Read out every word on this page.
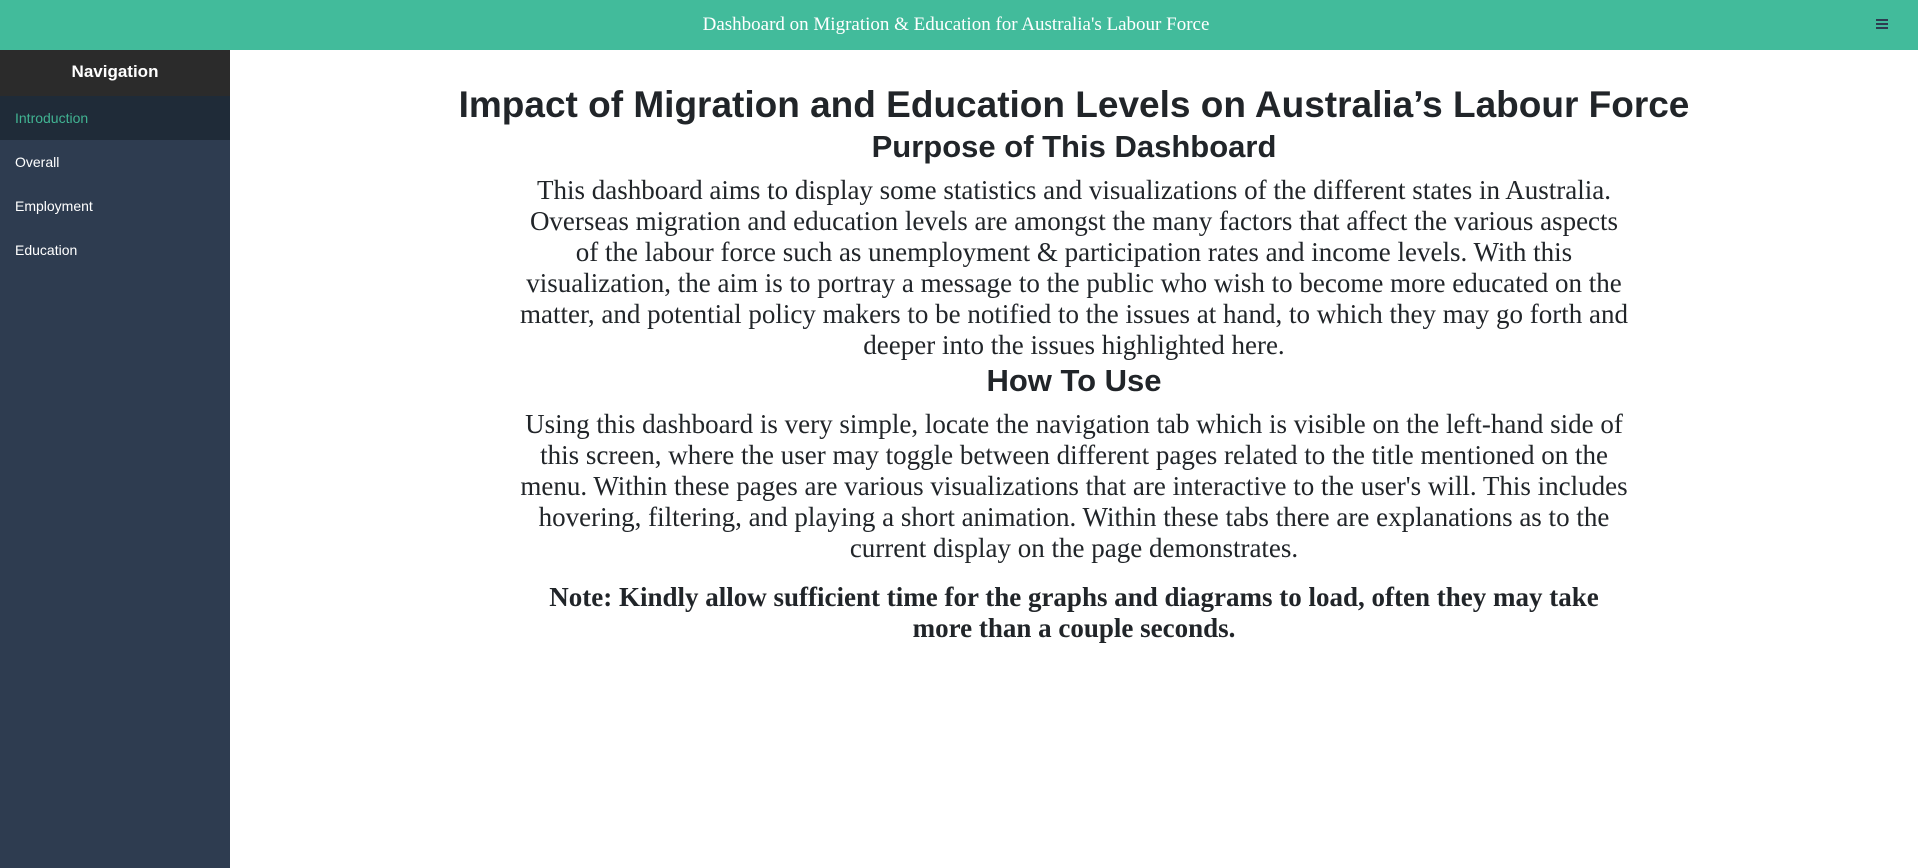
Dashboard on Migration & Education for Australia's Labour Force
Navigation
Introduction
Overall
Employment
Education
Impact of Migration and Education Levels on Australia’s Labour Force
Purpose of This Dashboard

This dashboard aims to display some statistics and visualizations of the different states in Australia. Overseas migration and education levels are amongst the many factors that affect the various aspects of the labour force such as unemployment & participation rates and income levels. With this visualization, the aim is to portray a message to the public who wish to become more educated on the matter, and potential policy makers to be notified to the issues at hand, to which they may go forth and deeper into the issues highlighted here.

How To Use

Using this dashboard is very simple, locate the navigation tab which is visible on the left-hand side of this screen, where the user may toggle between different pages related to the title mentioned on the menu. Within these pages are various visualizations that are interactive to the user's will. This includes hovering, filtering, and playing a short animation. Within these tabs there are explanations as to the current display on the page demonstrates.

Note: Kindly allow sufficient time for the graphs and diagrams to load, often they may take more than a couple seconds.
